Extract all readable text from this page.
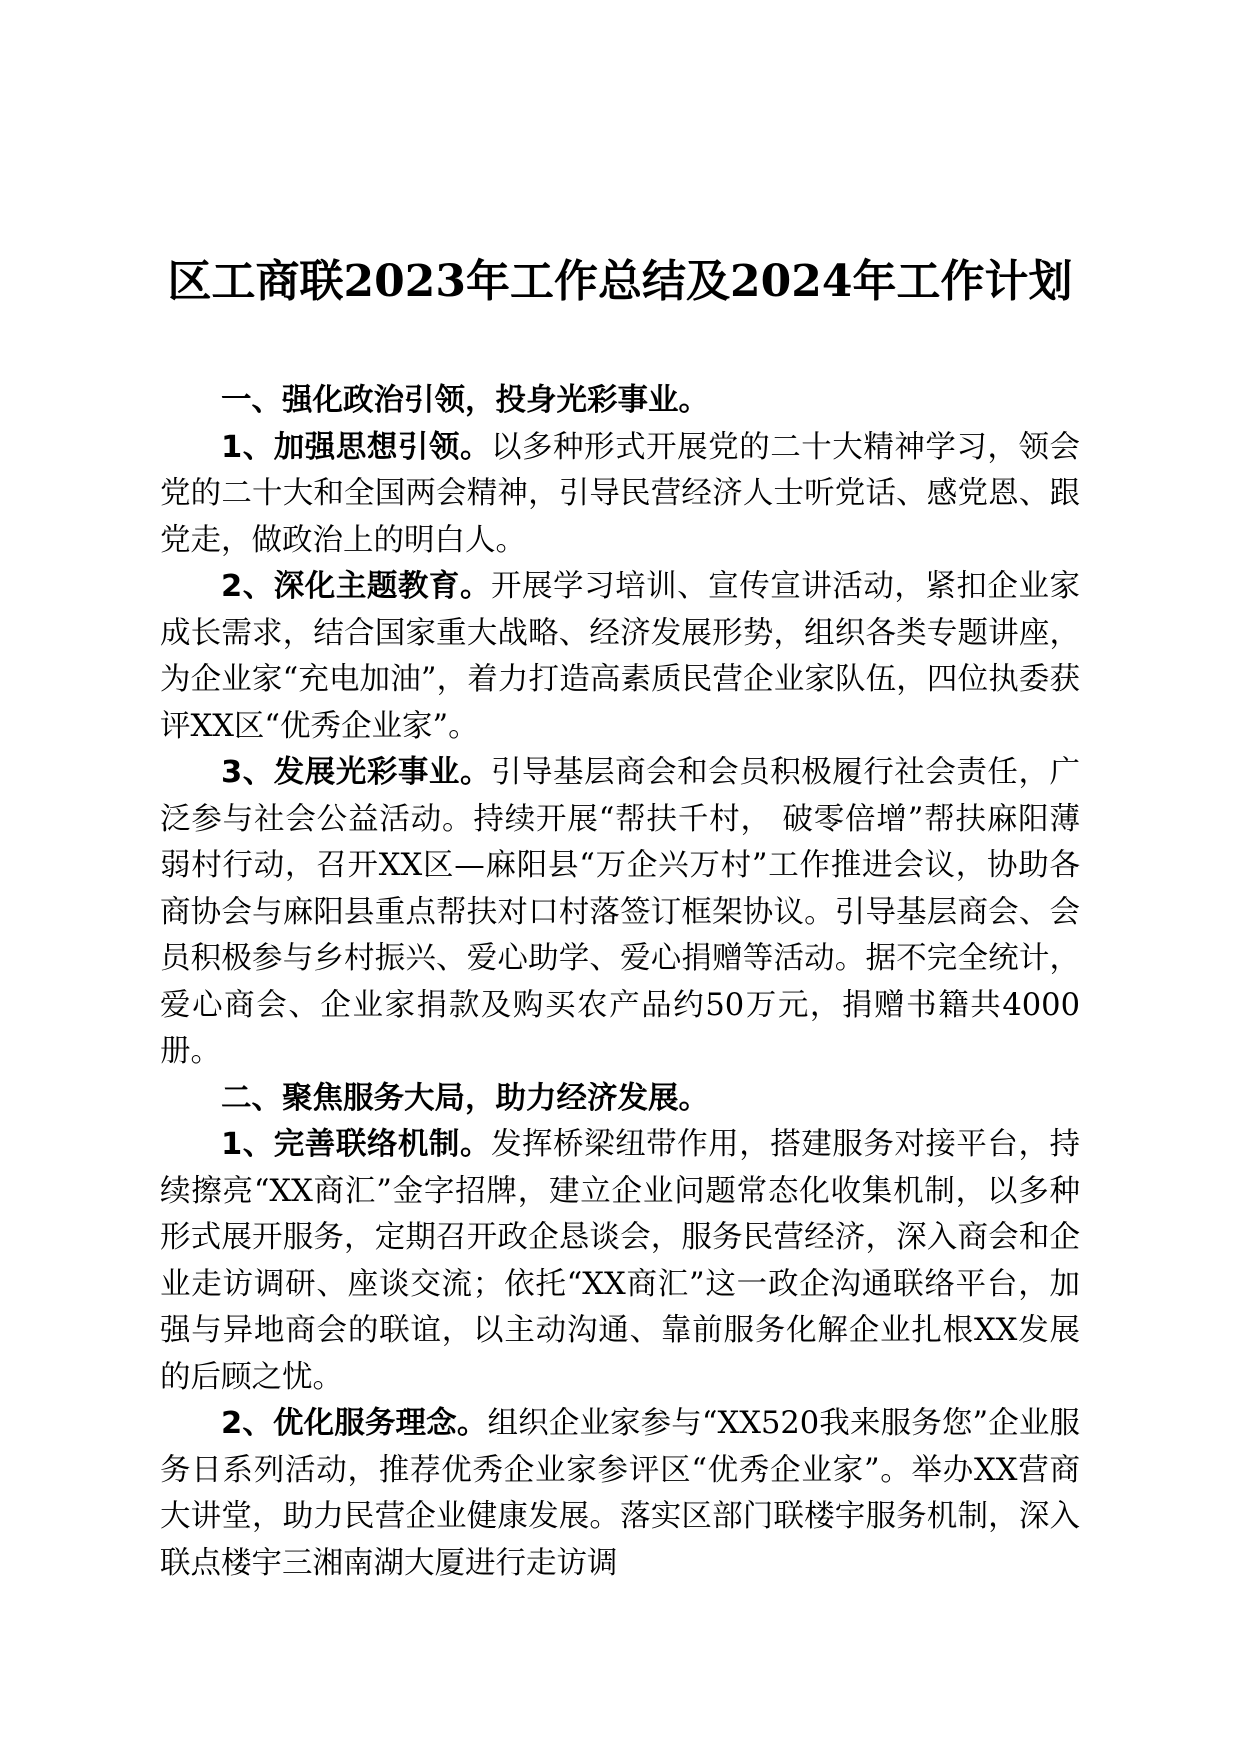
区工商联2023年工作总结及2024年工作计划

一、强化政治引领，投身光彩事业。

1、加强思想引领。以多种形式开展党的二十大精神学习，领会党的二十大和全国两会精神，引导民营经济人士听党话、感党恩、跟党走，做政治上的明白人。

2、深化主题教育。开展学习培训、宣传宣讲活动，紧扣企业家成长需求，结合国家重大战略、经济发展形势，组织各类专题讲座，为企业家“充电加油”，着力打造高素质民营企业家队伍，四位执委获评XX区“优秀企业家”。

3、发展光彩事业。引导基层商会和会员积极履行社会责任，广泛参与社会公益活动。持续开展“帮扶千村， 破零倍增”帮扶麻阳薄弱村行动，召开XX区—麻阳县“万企兴万村”工作推进会议，协助各商协会与麻阳县重点帮扶对口村落签订框架协议。引导基层商会、会员积极参与乡村振兴、爱心助学、爱心捐赠等活动。据不完全统计，爱心商会、企业家捐款及购买农产品约50万元，捐赠书籍共4000册。

二、聚焦服务大局，助力经济发展。

1、完善联络机制。发挥桥梁纽带作用，搭建服务对接平台，持续擦亮“XX商汇”金字招牌，建立企业问题常态化收集机制，以多种形式展开服务，定期召开政企恳谈会，服务民营经济，深入商会和企业走访调研、座谈交流；依托“XX商汇”这一政企沟通联络平台，加强与异地商会的联谊，以主动沟通、靠前服务化解企业扎根XX发展的后顾之忧。

2、优化服务理念。组织企业家参与“XX520我来服务您”企业服务日系列活动，推荐优秀企业家参评区“优秀企业家”。举办XX营商大讲堂，助力民营企业健康发展。落实区部门联楼宇服务机制，深入联点楼宇三湘南湖大厦进行走访调
